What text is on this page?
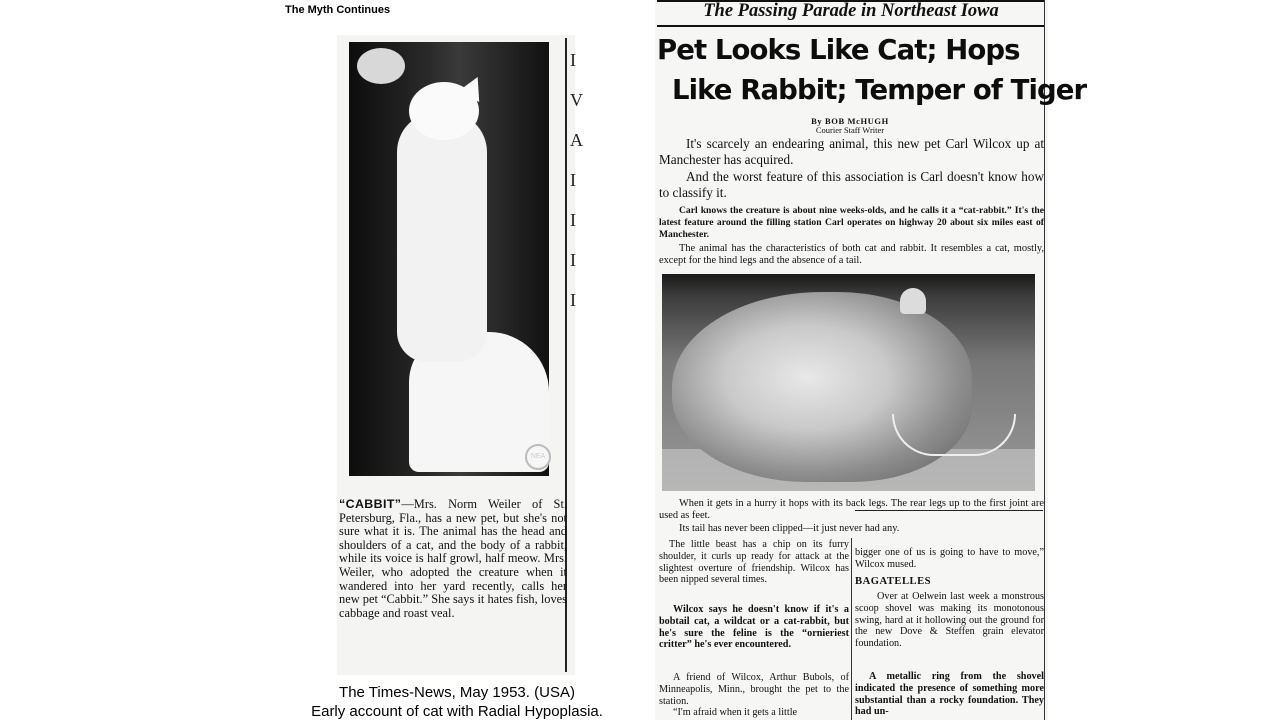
The Myth Continues
NEA
I V A I I I I
“CABBIT”—Mrs. Norm Weiler of St. Petersburg, Fla., has a new pet, but she's not sure what it is. The animal has the head and shoulders of a cat, and the body of a rabbit, while its voice is half growl, half meow. Mrs. Weiler, who adopted the creature when it wandered into her yard recently, calls her new pet “Cabbit.” She says it hates fish, loves cabbage and roast veal.
The Times-News, May 1953. (USA)
Early account of cat with Radial Hypoplasia.
The Passing Parade in Northeast Iowa
Pet Looks Like Cat; Hops
Like Rabbit; Temper of Tiger
By BOB McHUGH
Courier Staff Writer
It's scarcely an endearing animal, this new pet Carl Wilcox up at Manchester has acquired.
And the worst feature of this association is Carl doesn't know how to classify it.
Carl knows the creature is about nine weeks-olds, and he calls it a “cat-rabbit.” It's the latest feature around the filling station Carl operates on highway 20 about six miles east of Manchester.
The animal has the characteristics of both cat and rabbit. It resembles a cat, mostly, except for the hind legs and the absence of a tail.
When it gets in a hurry it hops with its back legs. The rear legs up to the first joint are used as feet.
Its tail has never been clipped—it just never had any.
The little beast has a chip on its furry shoulder, it curls up ready for attack at the slightest overture of friendship. Wilcox has been nipped several times.
Wilcox says he doesn't know if it's a bobtail cat, a wildcat or a cat-rabbit, but he's sure the feline is the “ornieriest critter” he's ever encountered.
A friend of Wilcox, Arthur Bubols, of Minneapolis, Minn., brought the pet to the station.
“I'm afraid when it gets a little
bigger one of us is going to have to move,” Wilcox mused.
BAGATELLES
Over at Oelwein last week a monstrous scoop shovel was making its monotonous swing, hard at it hollowing out the ground for the new Dove & Steffen grain elevator foundation.
A metallic ring from the shovel indicated the presence of something more substantial than a rocky foundation. They had un-
